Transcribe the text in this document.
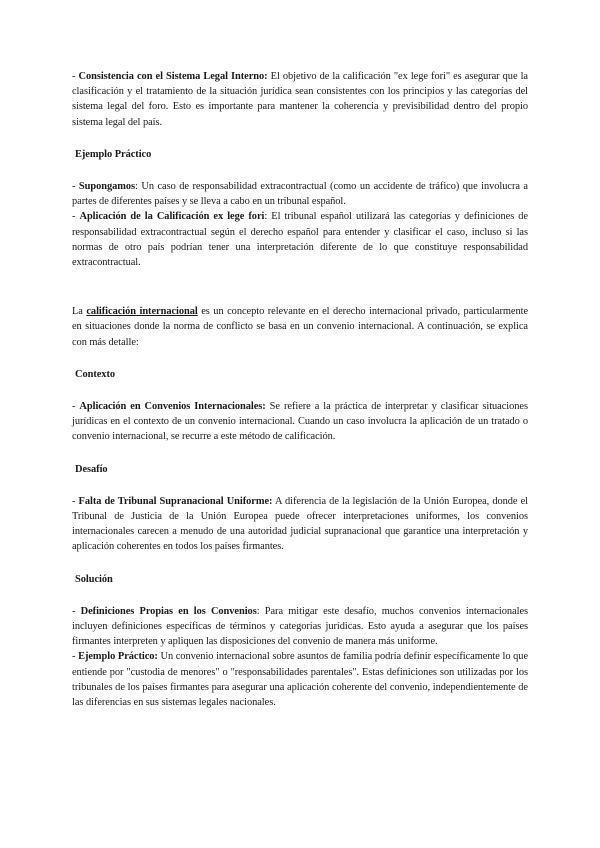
- Consistencia con el Sistema Legal Interno: El objetivo de la calificación "ex lege fori" es asegurar que la clasificación y el tratamiento de la situación jurídica sean consistentes con los principios y las categorías del sistema legal del foro. Esto es importante para mantener la coherencia y previsibilidad dentro del propio sistema legal del país.

Ejemplo Práctico

- Supongamos: Un caso de responsabilidad extracontractual (como un accidente de tráfico) que involucra a partes de diferentes países y se lleva a cabo en un tribunal español.

- Aplicación de la Calificación ex lege fori: El tribunal español utilizará las categorías y definiciones de responsabilidad extracontractual según el derecho español para entender y clasificar el caso, incluso si las normas de otro país podrían tener una interpretación diferente de lo que constituye responsabilidad extracontractual.

La calificación internacional es un concepto relevante en el derecho internacional privado, particularmente en situaciones donde la norma de conflicto se basa en un convenio internacional. A continuación, se explica con más detalle:

Contexto

- Aplicación en Convenios Internacionales: Se refiere a la práctica de interpretar y clasificar situaciones jurídicas en el contexto de un convenio internacional. Cuando un caso involucra la aplicación de un tratado o convenio internacional, se recurre a este método de calificación.

Desafío

- Falta de Tribunal Supranacional Uniforme: A diferencia de la legislación de la Unión Europea, donde el Tribunal de Justicia de la Unión Europea puede ofrecer interpretaciones uniformes, los convenios internacionales carecen a menudo de una autoridad judicial supranacional que garantice una interpretación y aplicación coherentes en todos los países firmantes.

Solución

- Definiciones Propias en los Convenios: Para mitigar este desafío, muchos convenios internacionales incluyen definiciones específicas de términos y categorías jurídicas. Esto ayuda a asegurar que los países firmantes interpreten y apliquen las disposiciones del convenio de manera más uniforme.

- Ejemplo Práctico: Un convenio internacional sobre asuntos de familia podría definir específicamente lo que entiende por "custodia de menores" o "responsabilidades parentales". Estas definiciones son utilizadas por los tribunales de los países firmantes para asegurar una aplicación coherente del convenio, independientemente de las diferencias en sus sistemas legales nacionales.
